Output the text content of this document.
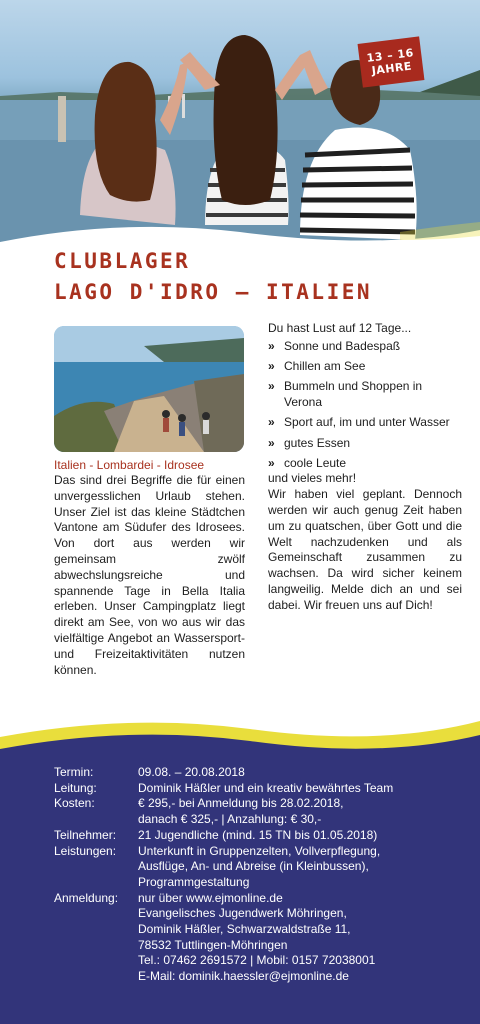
13 – 16
JAHRE
CLUBLAGER
LAGO D'IDRO – ITALIEN
Italien - Lombardei - Idrosee
Das sind drei Begriffe die für einen unvergesslichen Urlaub stehen. Unser Ziel ist das kleine Städtchen Vantone am Südufer des Idrosees. Von dort aus werden wir gemeinsam zwölf abwechslungsreiche und spannende Tage in Bella Italia erleben. Unser Campingplatz liegt direkt am See, von wo aus wir das vielfältige Angebot an Wassersport- und Freizeitaktivitäten nutzen können.
Du hast Lust auf 12 Tage...
» Sonne und Badespaß
» Chillen am See
» Bummeln und Shoppen in Verona
» Sport auf, im und unter Wasser
» gutes Essen
» coole Leute
und vieles mehr!
Wir haben viel geplant. Dennoch werden wir auch genug Zeit haben um zu quatschen, über Gott und die Welt nachzudenken und als Gemeinschaft zusammen zu wachsen. Da wird sicher keinem langweilig. Melde dich an und sei dabei. Wir freuen uns auf Dich!
Termin:	09.08. – 20.08.2018
Leitung:	Dominik Häßler und ein kreativ bewährtes Team
Kosten:	€ 295,- bei Anmeldung bis 28.02.2018,
danach € 325,- | Anzahlung: € 30,-
Teilnehmer:	21 Jugendliche (mind. 15 TN bis 01.05.2018)
Leistungen:	Unterkunft in Gruppenzelten, Vollverpflegung,
Ausflüge, An- und Abreise (in Kleinbussen),
Programmgestaltung
Anmeldung:	nur über www.ejmonline.de
Evangelisches Jugendwerk Möhringen,
Dominik Häßler, Schwarzwaldstraße 11,
78532 Tuttlingen-Möhringen
Tel.: 07462 2691572 | Mobil: 0157 72038001
E-Mail: dominik.haessler@ejmonline.de
